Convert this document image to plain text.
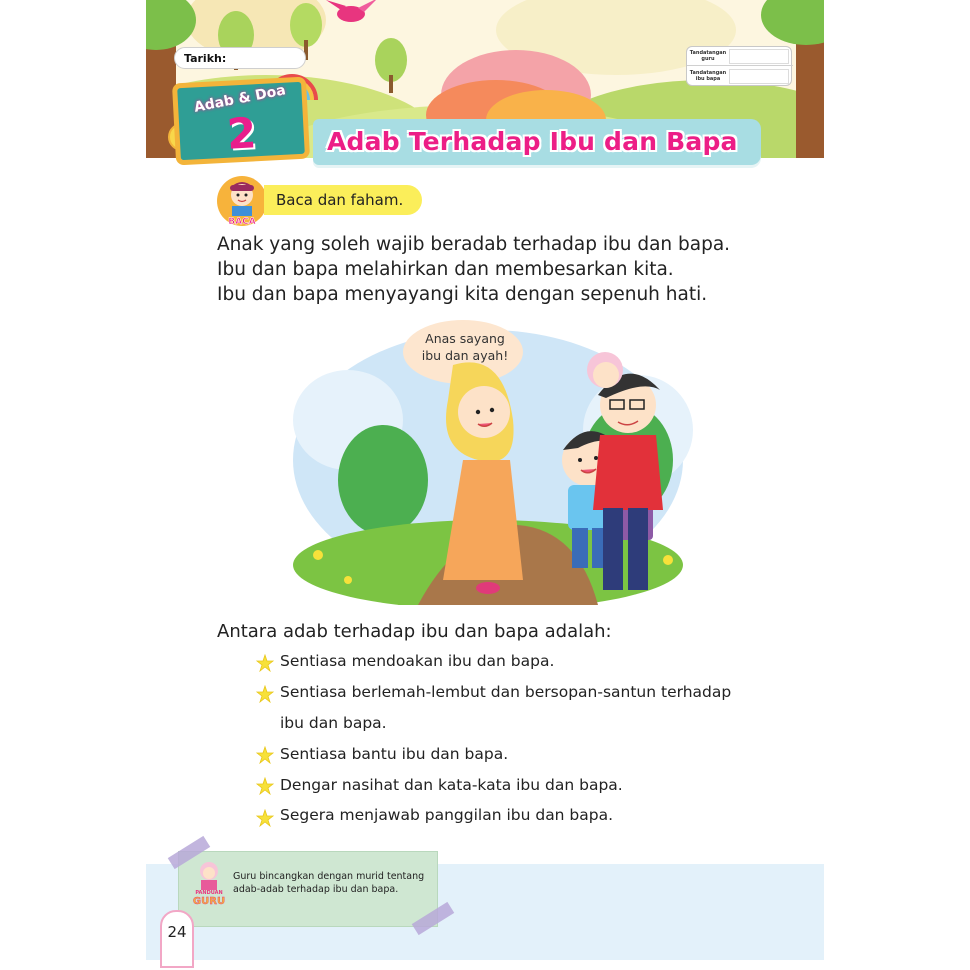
Tarikh:	Tandatangan guru
Tandatangan ibu bapa
Adab & Doa
2	Adab Terhadap Ibu dan Bapa
BACA
Baca dan faham.
Anak yang soleh wajib beradab terhadap ibu dan bapa.
Ibu dan bapa melahirkan dan membesarkan kita.
Ibu dan bapa menyayangi kita dengan sepenuh hati.
Anas sayang ibu dan ayah!
Antara adab terhadap ibu dan bapa adalah:
Sentiasa mendoakan ibu dan bapa.
Sentiasa berlemah-lembut dan bersopan-santun terhadap
ibu dan bapa.
Sentiasa bantu ibu dan bapa.
Dengar nasihat dan kata-kata ibu dan bapa.
Segera menjawab panggilan ibu dan bapa.
PANDUAN
GURU
Guru bincangkan dengan murid tentang adab-adab terhadap ibu dan bapa.
24
